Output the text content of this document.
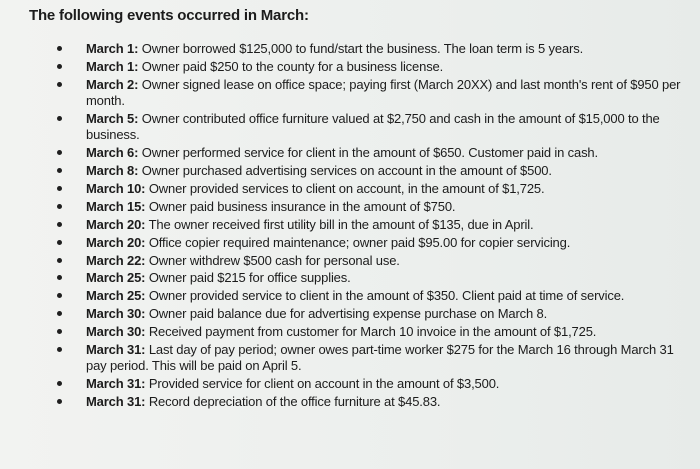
The following events occurred in March:
March 1: Owner borrowed $125,000 to fund/start the business. The loan term is 5 years.
March 1: Owner paid $250 to the county for a business license.
March 2: Owner signed lease on office space; paying first (March 20XX) and last month's rent of $950 per month.
March 5: Owner contributed office furniture valued at $2,750 and cash in the amount of $15,000 to the business.
March 6: Owner performed service for client in the amount of $650. Customer paid in cash.
March 8: Owner purchased advertising services on account in the amount of $500.
March 10: Owner provided services to client on account, in the amount of $1,725.
March 15: Owner paid business insurance in the amount of $750.
March 20: The owner received first utility bill in the amount of $135, due in April.
March 20: Office copier required maintenance; owner paid $95.00 for copier servicing.
March 22: Owner withdrew $500 cash for personal use.
March 25: Owner paid $215 for office supplies.
March 25: Owner provided service to client in the amount of $350. Client paid at time of service.
March 30: Owner paid balance due for advertising expense purchase on March 8.
March 30: Received payment from customer for March 10 invoice in the amount of $1,725.
March 31: Last day of pay period; owner owes part-time worker $275 for the March 16 through March 31 pay period. This will be paid on April 5.
March 31: Provided service for client on account in the amount of $3,500.
March 31: Record depreciation of the office furniture at $45.83.
